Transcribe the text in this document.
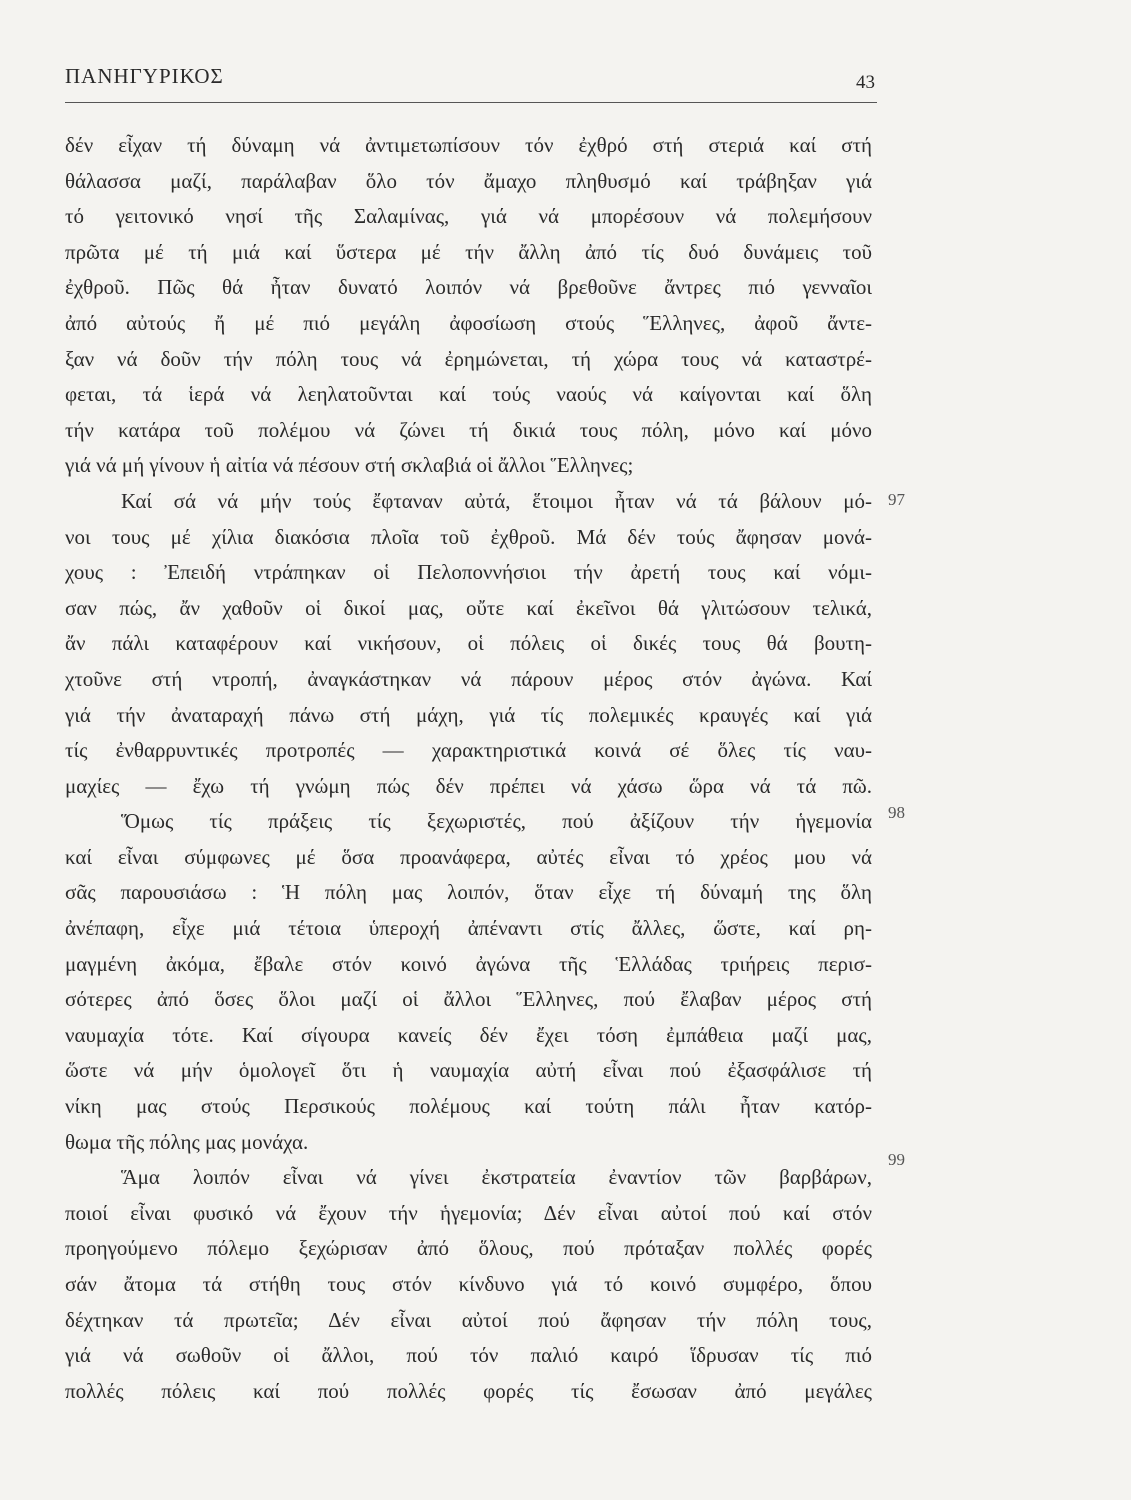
ΠΑΝΗΓΥΡΙΚΟΣ	43
δέν εἶχαν τή δύναμη νά ἀντιμετωπίσουν τόν ἐχθρό στή στεριά καί στή
θάλασσα μαζί, παράλαβαν ὅλο τόν ἄμαχο πληθυσμό καί τράβηξαν γιά
τό γειτονικό νησί τῆς Σαλαμίνας, γιά νά μπορέσουν νά πολεμήσουν
πρῶτα μέ τή μιά καί ὕστερα μέ τήν ἄλλη ἀπό τίς δυό δυνάμεις τοῦ
ἐχθροῦ. Πῶς θά ἦταν δυνατό λοιπόν νά βρεθοῦνε ἄντρες πιό γενναῖοι
ἀπό αὐτούς ἤ μέ πιό μεγάλη ἀφοσίωση στούς Ἕλληνες, ἀφοῦ ἄντε-
ξαν νά δοῦν τήν πόλη τους νά ἐρημώνεται, τή χώρα τους νά καταστρέ-
φεται, τά ἱερά νά λεηλατοῦνται καί τούς ναούς νά καίγονται καί ὅλη
τήν κατάρα τοῦ πολέμου νά ζώνει τή δικιά τους πόλη, μόνο καί μόνο
γιά νά μή γίνουν ἡ αἰτία νά πέσουν στή σκλαβιά οἱ ἄλλοι Ἕλληνες;
Καί σά νά μήν τούς ἔφταναν αὐτά, ἕτοιμοι ἦταν νά τά βάλουν μό-
νοι τους μέ χίλια διακόσια πλοῖα τοῦ ἐχθροῦ. Μά δέν τούς ἄφησαν μονά-
χους : Ἐπειδή ντράπηκαν οἱ Πελοποννήσιοι τήν ἀρετή τους καί νόμι-
σαν πώς, ἄν χαθοῦν οἱ δικοί μας, οὔτε καί ἐκεῖνοι θά γλιτώσουν τελικά,
ἄν πάλι καταφέρουν καί νικήσουν, οἱ πόλεις οἱ δικές τους θά βουτη-
χτοῦνε στή ντροπή, ἀναγκάστηκαν νά πάρουν μέρος στόν ἀγώνα. Καί
γιά τήν ἀναταραχή πάνω στή μάχη, γιά τίς πολεμικές κραυγές καί γιά
τίς ἐνθαρρυντικές προτροπές — χαρακτηριστικά κοινά σέ ὅλες τίς ναυ-
μαχίες — ἔχω τή γνώμη πώς δέν πρέπει νά χάσω ὥρα νά τά πῶ.
Ὅμως τίς πράξεις τίς ξεχωριστές, πού ἀξίζουν τήν ἡγεμονία
καί εἶναι σύμφωνες μέ ὅσα προανάφερα, αὐτές εἶναι τό χρέος μου νά
σᾶς παρουσιάσω : Ἡ πόλη μας λοιπόν, ὅταν εἶχε τή δύναμή της ὅλη
ἀνέπαφη, εἶχε μιά τέτοια ὑπεροχή ἀπέναντι στίς ἄλλες, ὥστε, καί ρη-
μαγμένη ἀκόμα, ἔβαλε στόν κοινό ἀγώνα τῆς Ἑλλάδας τριήρεις περισ-
σότερες ἀπό ὅσες ὅλοι μαζί οἱ ἄλλοι Ἕλληνες, πού ἔλαβαν μέρος στή
ναυμαχία τότε. Καί σίγουρα κανείς δέν ἔχει τόση ἐμπάθεια μαζί μας,
ὥστε νά μήν ὁμολογεῖ ὅτι ἡ ναυμαχία αὐτή εἶναι πού ἐξασφάλισε τή
νίκη μας στούς Περσικούς πολέμους καί τούτη πάλι ἦταν κατόρ-
θωμα τῆς πόλης μας μονάχα.
Ἅμα λοιπόν εἶναι νά γίνει ἐκστρατεία ἐναντίον τῶν βαρβάρων,
ποιοί εἶναι φυσικό νά ἔχουν τήν ἡγεμονία; Δέν εἶναι αὐτοί πού καί στόν
προηγούμενο πόλεμο ξεχώρισαν ἀπό ὅλους, πού πρόταξαν πολλές φορές
σάν ἄτομα τά στήθη τους στόν κίνδυνο γιά τό κοινό συμφέρο, ὅπου
δέχτηκαν τά πρωτεῖα; Δέν εἶναι αὐτοί πού ἄφησαν τήν πόλη τους,
γιά νά σωθοῦν οἱ ἄλλοι, πού τόν παλιό καιρό ἵδρυσαν τίς πιό
πολλές πόλεις καί πού πολλές φορές τίς ἔσωσαν ἀπό μεγάλες
97
98
99
